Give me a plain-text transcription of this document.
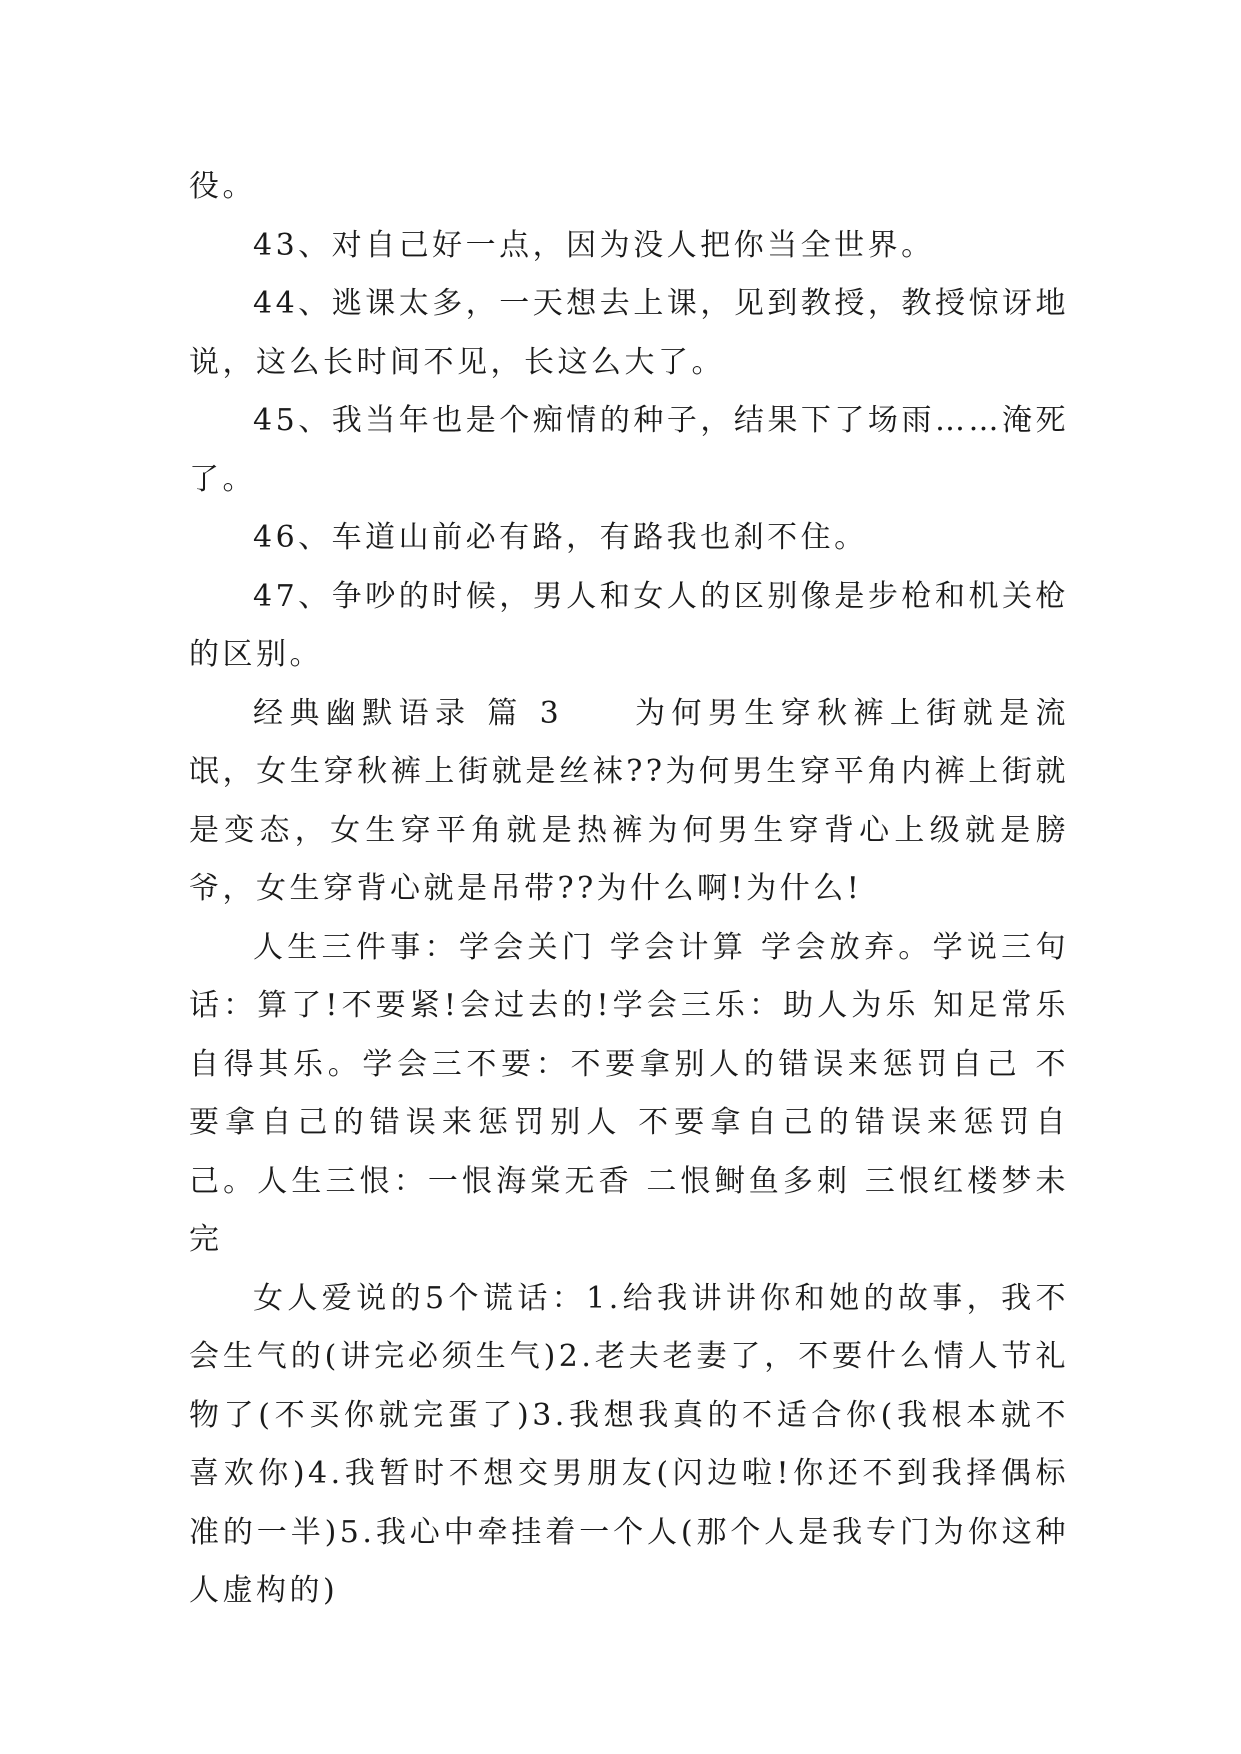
役。

43、对自己好一点，因为没人把你当全世界。

44、逃课太多，一天想去上课，见到教授，教授惊讶地说，这么长时间不见，长这么大了。

45、我当年也是个痴情的种子，结果下了场雨……淹死了。

46、车道山前必有路，有路我也刹不住。

47、争吵的时候，男人和女人的区别像是步枪和机关枪的区别。

经典幽默语录 篇 3 为何男生穿秋裤上街就是流氓，女生穿秋裤上街就是丝袜??为何男生穿平角内裤上街就是变态，女生穿平角就是热裤为何男生穿背心上级就是膀爷，女生穿背心就是吊带??为什么啊!为什么!

人生三件事：学会关门 学会计算 学会放弃。学说三句话：算了!不要紧!会过去的!学会三乐：助人为乐 知足常乐 自得其乐。学会三不要：不要拿别人的错误来惩罚自己 不要拿自己的错误来惩罚别人 不要拿自己的错误来惩罚自己。人生三恨：一恨海棠无香 二恨鲥鱼多刺 三恨红楼梦未完

女人爱说的5个谎话：1.给我讲讲你和她的故事，我不会生气的(讲完必须生气)2.老夫老妻了，不要什么情人节礼物了(不买你就完蛋了)3.我想我真的不适合你(我根本就不喜欢你)4.我暂时不想交男朋友(闪边啦!你还不到我择偶标准的一半)5.我心中牵挂着一个人(那个人是我专门为你这种人虚构的)
